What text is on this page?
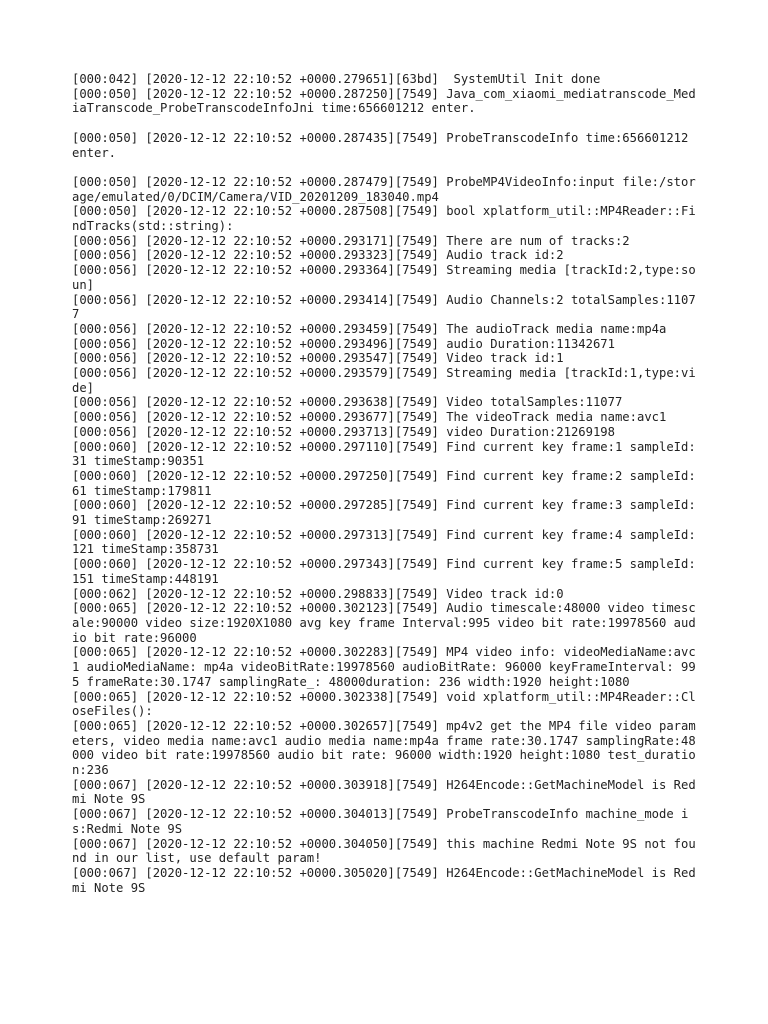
[000:042] [2020-12-12 22:10:52 +0000.279651][63bd]  SystemUtil Init done
[000:050] [2020-12-12 22:10:52 +0000.287250][7549] Java_com_xiaomi_mediatranscode_MediaTranscode_ProbeTranscodeInfoJni time:656601212 enter.
[000:050] [2020-12-12 22:10:52 +0000.287435][7549] ProbeTranscodeInfo time:656601212  enter.
[000:050] [2020-12-12 22:10:52 +0000.287479][7549] ProbeMP4VideoInfo:input file:/storage/emulated/0/DCIM/Camera/VID_20201209_183040.mp4
[000:050] [2020-12-12 22:10:52 +0000.287508][7549] bool xplatform_util::MP4Reader::FindTracks(std::string):
[000:056] [2020-12-12 22:10:52 +0000.293171][7549] There are num of tracks:2
[000:056] [2020-12-12 22:10:52 +0000.293323][7549] Audio track id:2
[000:056] [2020-12-12 22:10:52 +0000.293364][7549] Streaming media [trackId:2,type:soun]
[000:056] [2020-12-12 22:10:52 +0000.293414][7549] Audio Channels:2 totalSamples:11077
[000:056] [2020-12-12 22:10:52 +0000.293459][7549] The audioTrack media name:mp4a
[000:056] [2020-12-12 22:10:52 +0000.293496][7549] audio Duration:11342671
[000:056] [2020-12-12 22:10:52 +0000.293547][7549] Video track id:1
[000:056] [2020-12-12 22:10:52 +0000.293579][7549] Streaming media [trackId:1,type:vide]
[000:056] [2020-12-12 22:10:52 +0000.293638][7549] Video totalSamples:11077
[000:056] [2020-12-12 22:10:52 +0000.293677][7549] The videoTrack media name:avc1
[000:056] [2020-12-12 22:10:52 +0000.293713][7549] video Duration:21269198
[000:060] [2020-12-12 22:10:52 +0000.297110][7549] Find current key frame:1 sampleId:31 timeStamp:90351
[000:060] [2020-12-12 22:10:52 +0000.297250][7549] Find current key frame:2 sampleId:61 timeStamp:179811
[000:060] [2020-12-12 22:10:52 +0000.297285][7549] Find current key frame:3 sampleId:91 timeStamp:269271
[000:060] [2020-12-12 22:10:52 +0000.297313][7549] Find current key frame:4 sampleId:121 timeStamp:358731
[000:060] [2020-12-12 22:10:52 +0000.297343][7549] Find current key frame:5 sampleId:151 timeStamp:448191
[000:062] [2020-12-12 22:10:52 +0000.298833][7549] Video track id:0
[000:065] [2020-12-12 22:10:52 +0000.302123][7549] Audio timescale:48000 video timescale:90000 video size:1920X1080 avg key frame Interval:995 video bit rate:19978560 audio bit rate:96000
[000:065] [2020-12-12 22:10:52 +0000.302283][7549] MP4 video info: videoMediaName:avc1 audioMediaName: mp4a videoBitRate:19978560 audioBitRate: 96000 keyFrameInterval: 995 frameRate:30.1747 samplingRate_: 48000duration: 236 width:1920 height:1080
[000:065] [2020-12-12 22:10:52 +0000.302338][7549] void xplatform_util::MP4Reader::CloseFiles():
[000:065] [2020-12-12 22:10:52 +0000.302657][7549] mp4v2 get the MP4 file video parameters, video media name:avc1 audio media name:mp4a frame rate:30.1747 samplingRate:48000 video bit rate:19978560 audio bit rate: 96000 width:1920 height:1080 test_duration:236
[000:067] [2020-12-12 22:10:52 +0000.303918][7549] H264Encode::GetMachineModel is Redmi Note 9S
[000:067] [2020-12-12 22:10:52 +0000.304013][7549] ProbeTranscodeInfo machine_mode is:Redmi Note 9S
[000:067] [2020-12-12 22:10:52 +0000.304050][7549] this machine Redmi Note 9S not found in our list, use default param!
[000:067] [2020-12-12 22:10:52 +0000.305020][7549] H264Encode::GetMachineModel is Redmi Note 9S
